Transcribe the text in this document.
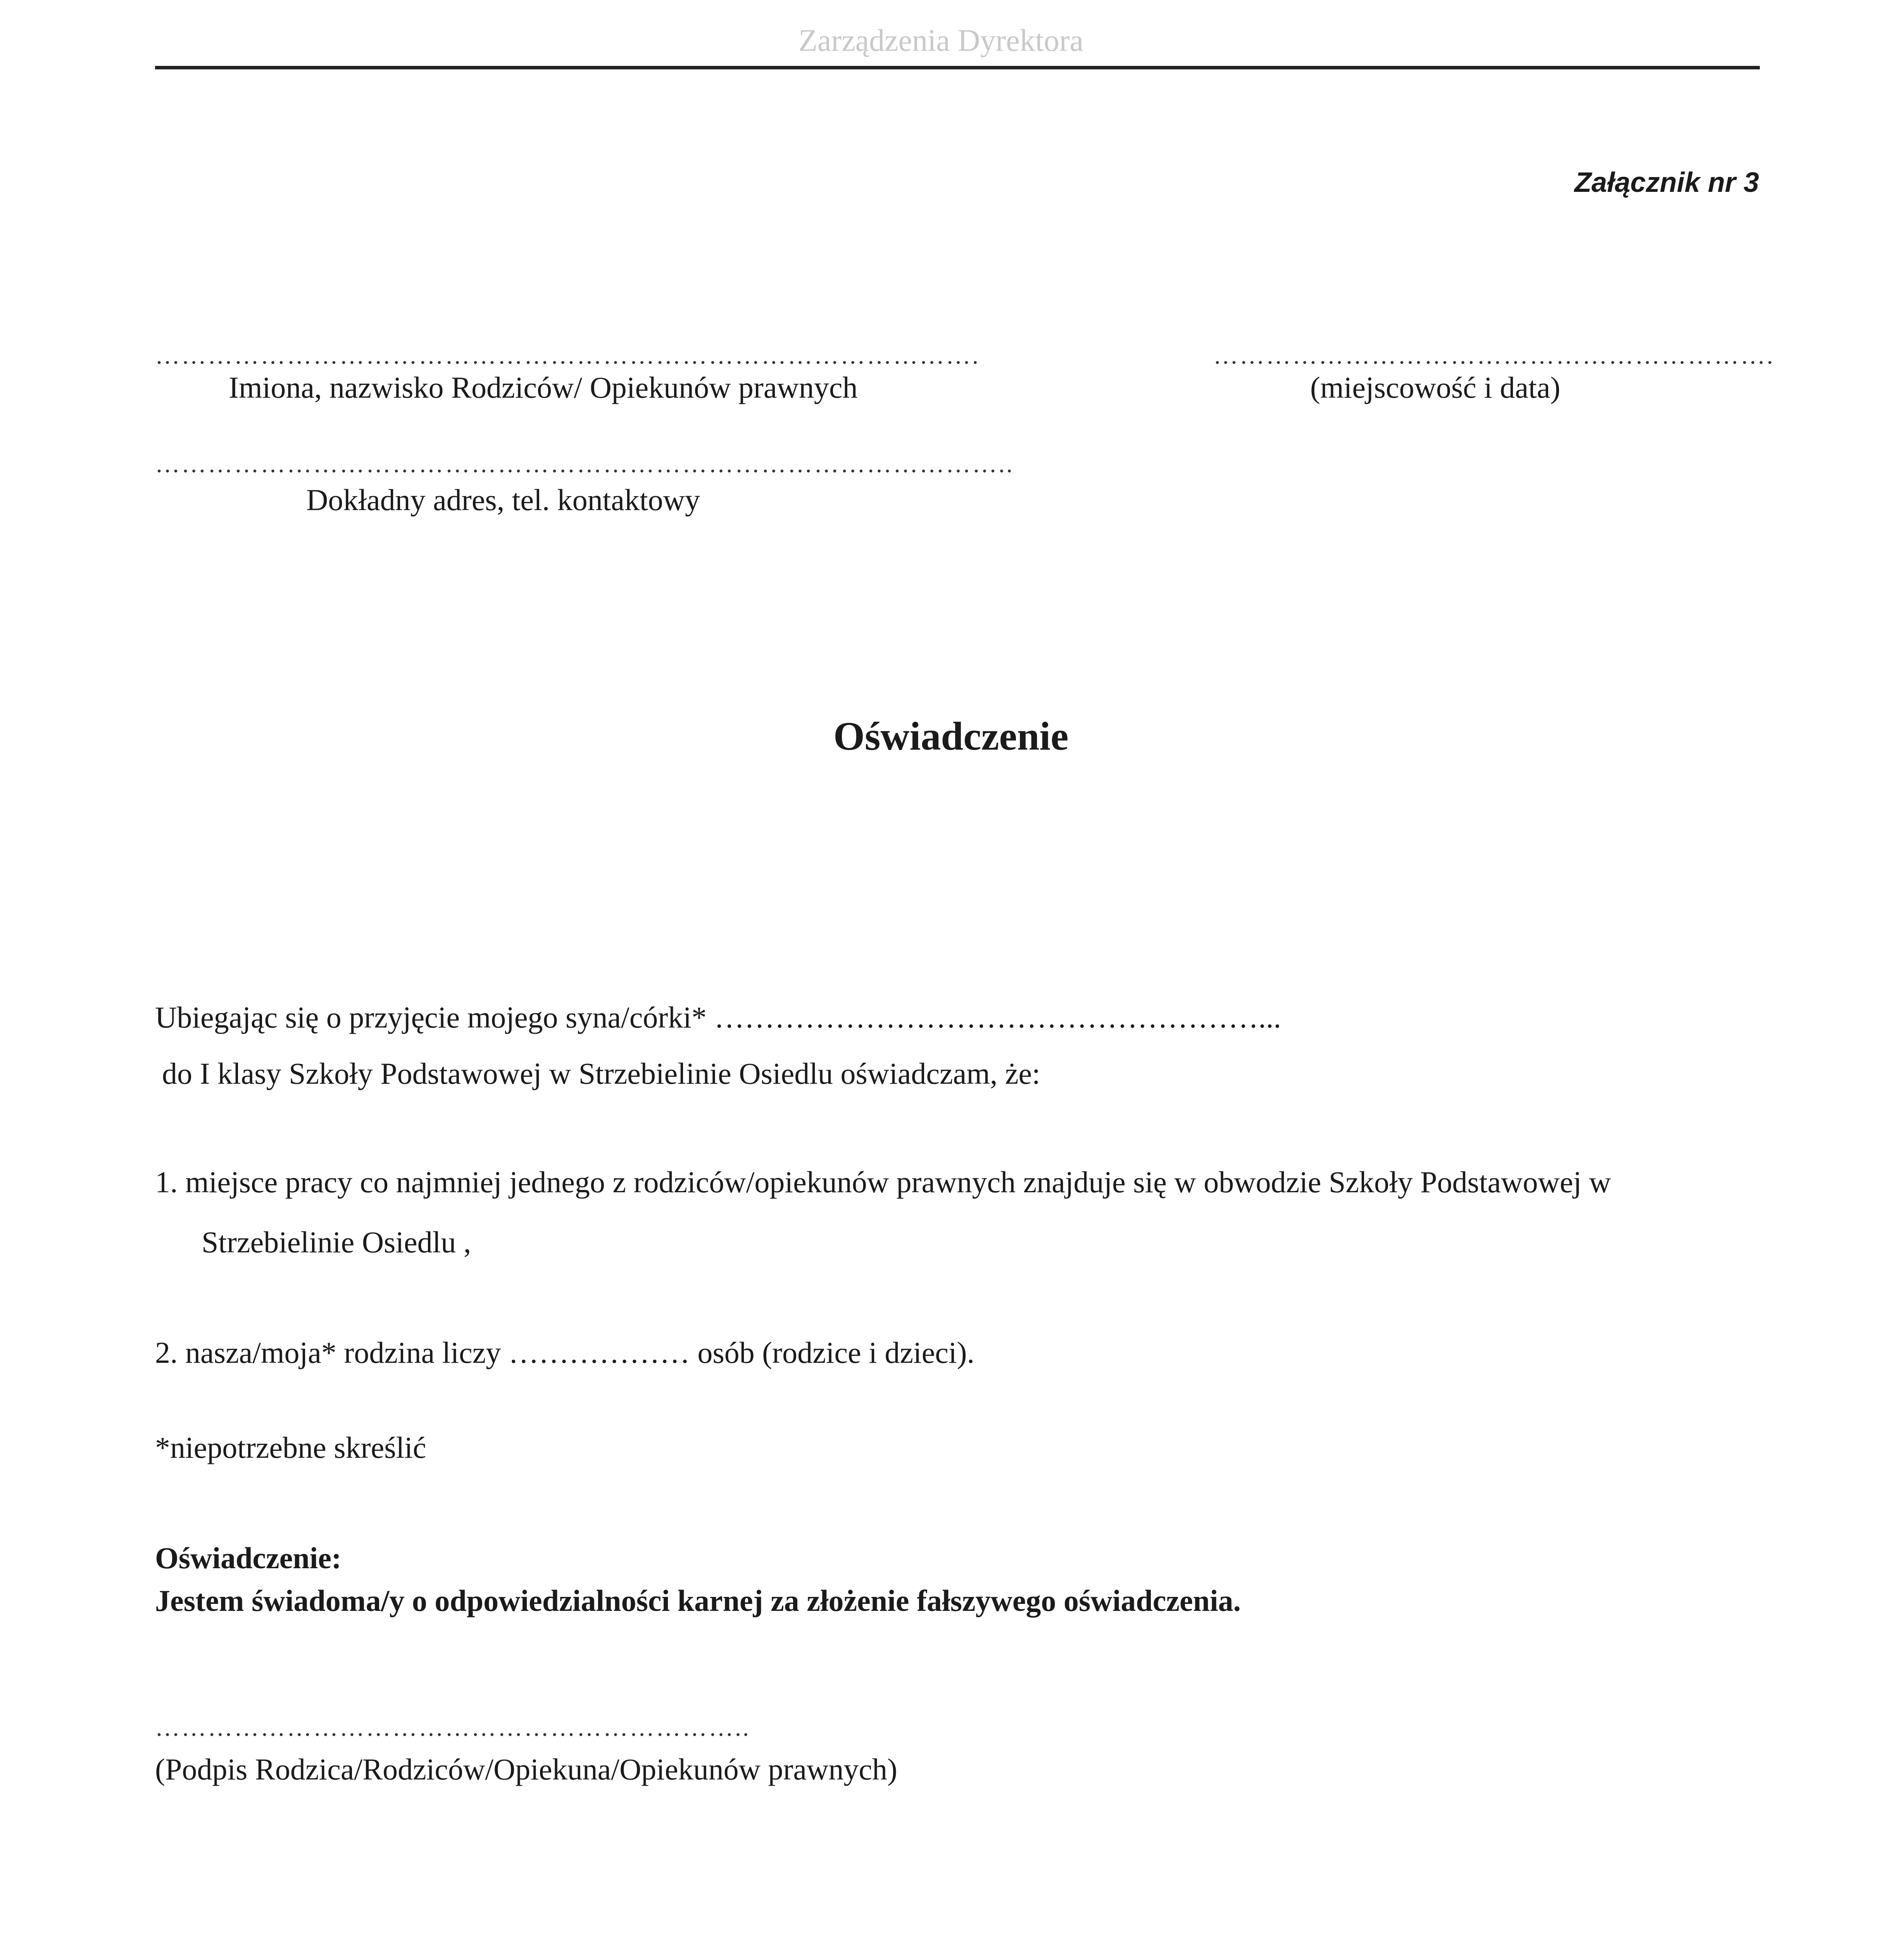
Zarządzenia Dyrektora
Załącznik nr 3
………………………………………………………………………………….
Imiona, nazwisko Rodziców/ Opiekunów prawnych
……………………………………………………….
(miejscowość i data)
……………………………………………………………………………………..
Dokładny adres, tel. kontaktowy
Oświadczenie
Ubiegając się o przyjęcie mojego syna/córki* ………………………………………………...
do I klasy Szkoły Podstawowej w Strzebielinie Osiedlu oświadczam, że:
1. miejsce pracy co najmniej jednego z rodziców/opiekunów prawnych znajduje się w obwodzie Szkoły Podstawowej w
Strzebielinie Osiedlu ,
2. nasza/moja* rodzina liczy ……………… osób (rodzice i dzieci).
*niepotrzebne skreślić
Oświadczenie:
Jestem świadoma/y o odpowiedzialności karnej za złożenie fałszywego oświadczenia.
…………………………………………………………..
(Podpis Rodzica/Rodziców/Opiekuna/Opiekunów prawnych)
